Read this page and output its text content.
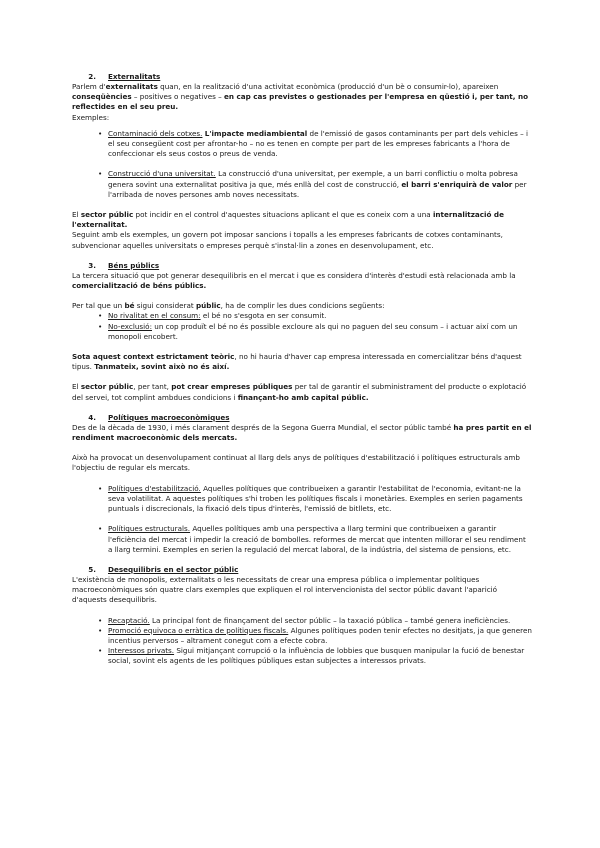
2.	Externalitats

Parlem d'externalitats quan, en la realització d'una activitat econòmica (producció d'un bè o consumir-lo), apareixen conseqüències – positives o negatives – en cap cas previstes o gestionades per l'empresa en qüestió i, per tant, no reflectides en el seu preu.

Exemples:

• Contaminació dels cotxes. L'impacte mediambiental de l'emissió de gasos contaminants per part dels vehicles – i el seu consegüent cost per afrontar-ho – no es tenen en compte per part de les empreses fabricants a l'hora de confeccionar els seus costos o preus de venda.
• Construcció d'una universitat. La construcció d'una universitat, per exemple, a un barri conflictiu o molta pobresa genera sovint una externalitat positiva ja que, més enllà del cost de construcció, el barri s'enriquirà de valor per l'arribada de noves persones amb noves necessitats.

El sector públic pot incidir en el control d'aquestes situacions aplicant el que es coneix com a una internalització de l'externalitat.

Seguint amb els exemples, un govern pot imposar sancions i topalls a les empreses fabricants de cotxes contaminants, subvencionar aquelles universitats o empreses perquè s'instal·lin a zones en desenvolupament, etc.

3.	Béns públics

La tercera situació que pot generar desequilibris en el mercat i que es considera d'interès d'estudi està relacionada amb la comercialització de béns públics.

Per tal que un bé sigui considerat públic, ha de complir les dues condicions següents:

• No rivalitat en el consum: el bé no s'esgota en ser consumit.
• No-exclusió: un cop produït el bé no és possible excloure als qui no paguen del seu consum – i actuar així com un monopoli encobert.

Sota aquest context estrictament teòric, no hi hauria d'haver cap empresa interessada en comercialitzar béns d'aquest tipus. Tanmateix, sovint això no és així.

El sector públic, per tant, pot crear empreses públiques per tal de garantir el subministrament del producte o explotació del servei, tot complint ambdues condicions i finançant-ho amb capital públic.

4.	Polítiques macroeconòmiques

Des de la dècada de 1930, i més clarament després de la Segona Guerra Mundial, el sector públic també ha pres partit en el rendiment macroeconòmic dels mercats.

Això ha provocat un desenvolupament continuat al llarg dels anys de polítiques d'estabilització i polítiques estructurals amb l'objectiu de regular els mercats.

• Polítiques d'estabilització. Aquelles polítiques que contribueixen a garantir l'estabilitat de l'economia, evitant-ne la seva volatilitat. A aquestes polítiques s'hi troben les polítiques fiscals i monetàries. Exemples en serien pagaments puntuals i discrecionals, la fixació dels tipus d'interès, l'emissió de bitllets, etc.
• Polítiques estructurals. Aquelles polítiques amb una perspectiva a llarg termini que contribueixen a garantir l'eficiència del mercat i impedir la creació de bombolles. reformes de mercat que intenten millorar el seu rendiment a llarg termini. Exemples en serien la regulació del mercat laboral, de la indústria, del sistema de pensions, etc.
5.	Desequilibris en el sector públic

L'existència de monopolis, externalitats o les necessitats de crear una empresa pública o implementar polítiques macroeconòmiques són quatre clars exemples que expliquen el rol intervencionista del sector públic davant l'aparició d'aquests desequilibris.

• Recaptació. La principal font de finançament del sector públic – la taxació pública – també genera ineficiències.
• Promoció equivoca o erràtica de polítiques fiscals. Algunes polítiques poden tenir efectes no desitjats, ja que generen incentius perversos – altrament conegut com a efecte cobra.
• Interessos privats. Sigui mitjançant corrupció o la influència de lobbies que busquen manipular la fució de benestar social, sovint els agents de les polítiques públiques estan subjectes a interessos privats.
